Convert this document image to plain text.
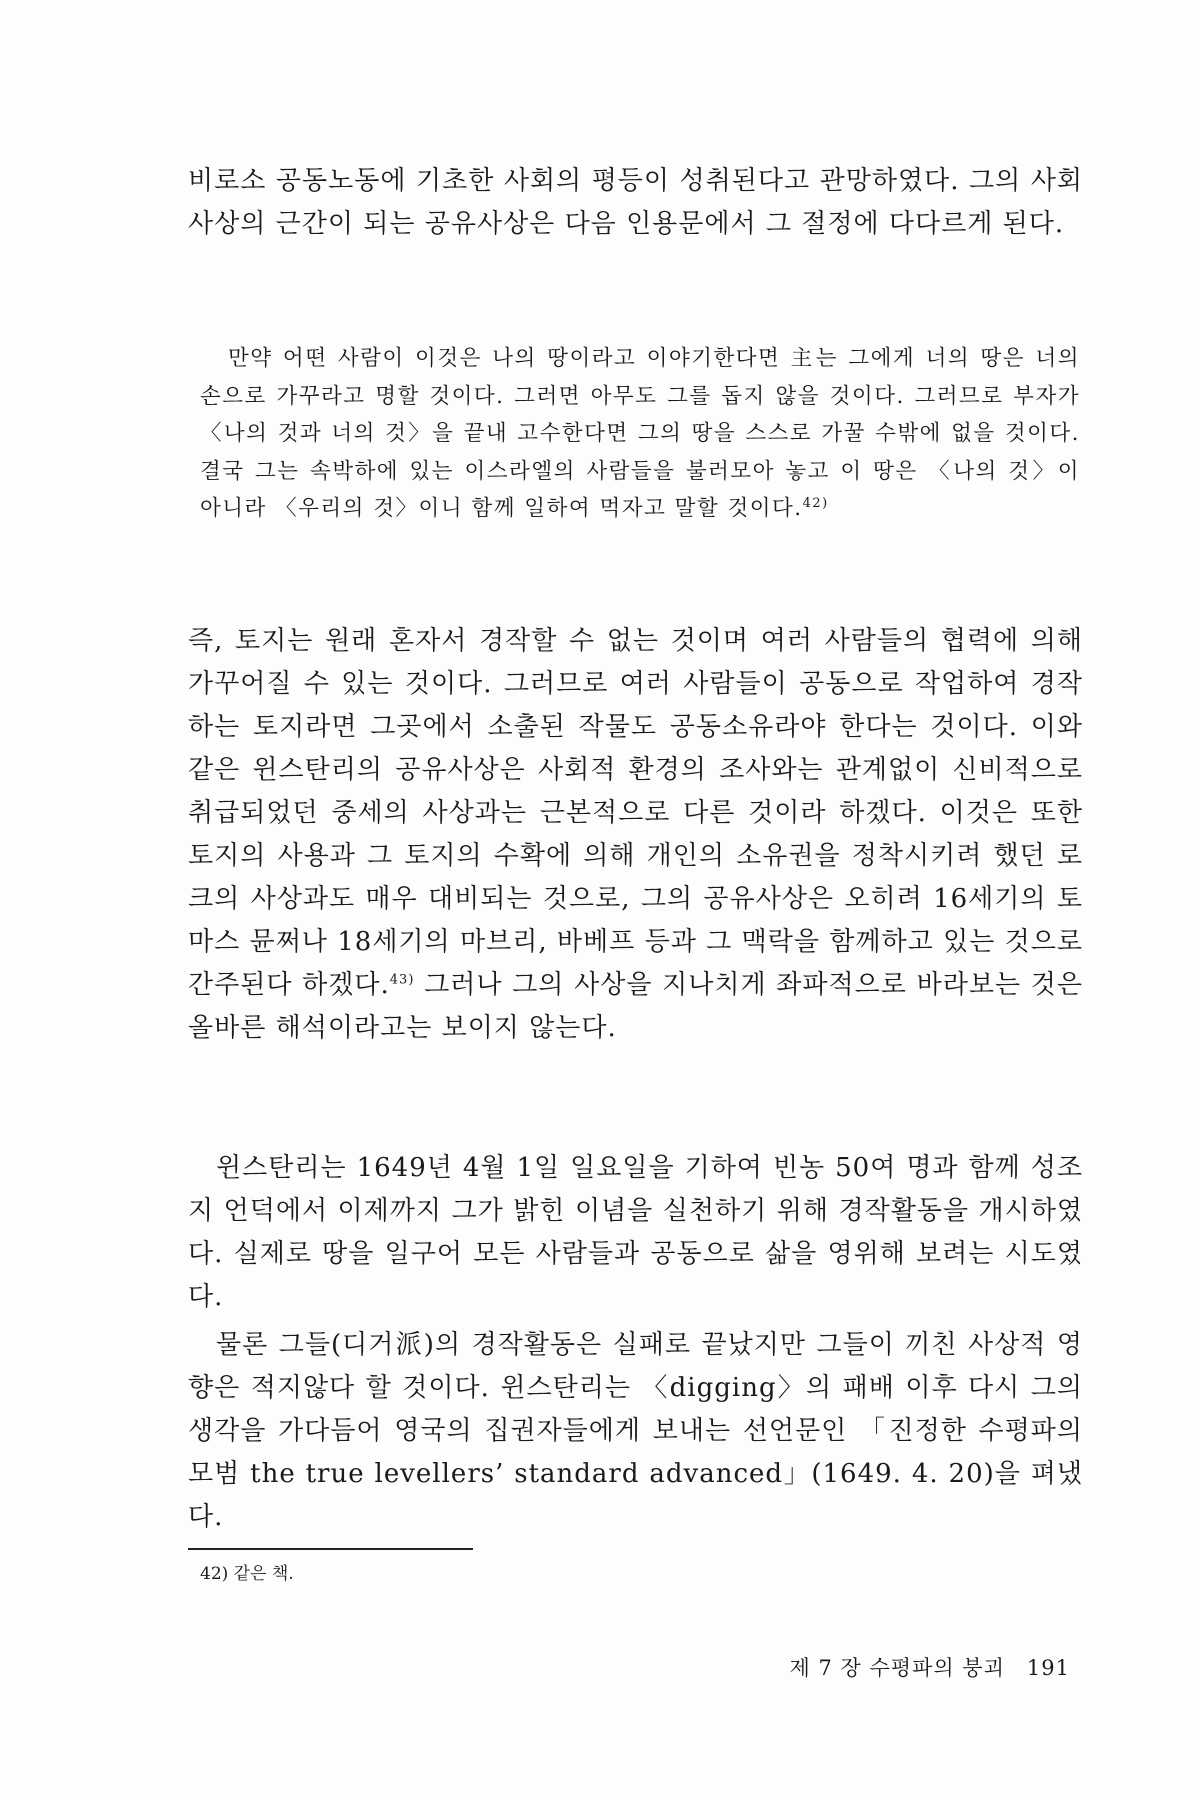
비로소 공동노동에 기초한 사회의 평등이 성취된다고 관망하였다. 그의 사회사상의 근간이 되는 공유사상은 다음 인용문에서 그 절정에 다다르게 된다.

만약 어떤 사람이 이것은 나의 땅이라고 이야기한다면 主는 그에게 너의 땅은 너의 손으로 가꾸라고 명할 것이다. 그러면 아무도 그를 돕지 않을 것이다. 그러므로 부자가 〈나의 것과 너의 것〉을 끝내 고수한다면 그의 땅을 스스로 가꿀 수밖에 없을 것이다. 결국 그는 속박하에 있는 이스라엘의 사람들을 불러모아 놓고 이 땅은 〈나의 것〉이 아니라 〈우리의 것〉이니 함께 일하여 먹자고 말할 것이다.$^{42)}$

즉, 토지는 원래 혼자서 경작할 수 없는 것이며 여러 사람들의 협력에 의해 가꾸어질 수 있는 것이다. 그러므로 여러 사람들이 공동으로 작업하여 경작하는 토지라면 그곳에서 소출된 작물도 공동소유라야 한다는 것이다. 이와 같은 윈스탄리의 공유사상은 사회적 환경의 조사와는 관계없이 신비적으로 취급되었던 중세의 사상과는 근본적으로 다른 것이라 하겠다. 이것은 또한 토지의 사용과 그 토지의 수확에 의해 개인의 소유권을 정착시키려 했던 로크의 사상과도 매우 대비되는 것으로, 그의 공유사상은 오히려 16세기의 토마스 뮨쩌나 18세기의 마브리, 바베프 등과 그 맥락을 함께하고 있는 것으로 간주된다 하겠다.$^{43)}$ 그러나 그의 사상을 지나치게 좌파적으로 바라보는 것은 올바른 해석이라고는 보이지 않는다.

윈스탄리는 1649년 4월 1일 일요일을 기하여 빈농 50여 명과 함께 성조지 언덕에서 이제까지 그가 밝힌 이념을 실천하기 위해 경작활동을 개시하였다. 실제로 땅을 일구어 모든 사람들과 공동으로 삶을 영위해 보려는 시도였다.

물론 그들(디거派)의 경작활동은 실패로 끝났지만 그들이 끼친 사상적 영향은 적지않다 할 것이다. 윈스탄리는 〈digging〉의 패배 이후 다시 그의 생각을 가다듬어 영국의 집권자들에게 보내는 선언문인 「진정한 수평파의 모범 the true levellers’ standard advanced」(1649. 4. 20)을 펴냈다.

42) 같은 책.

제 7 장 수평파의 붕괴 191
